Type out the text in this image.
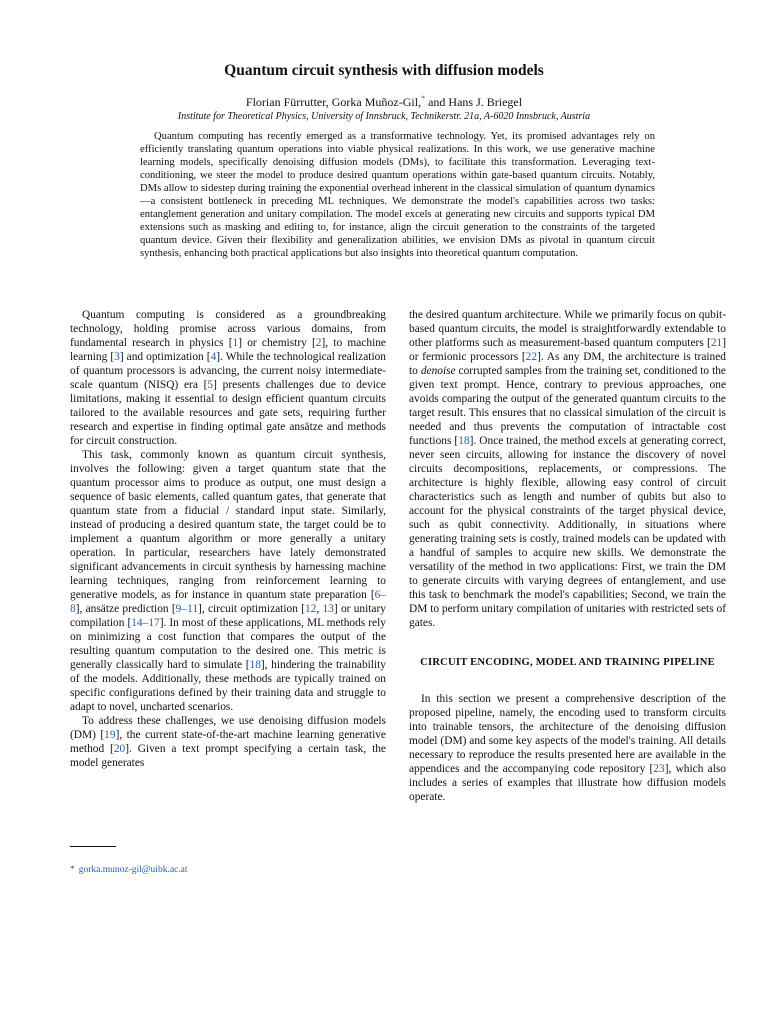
Quantum circuit synthesis with diffusion models

Florian Fürrutter, Gorka Muñoz-Gil,* and Hans J. Briegel

Institute for Theoretical Physics, University of Innsbruck, Technikerstr. 21a, A-6020 Innsbruck, Austria

Quantum computing has recently emerged as a transformative technology. Yet, its promised advantages rely on efficiently translating quantum operations into viable physical realizations. In this work, we use generative machine learning models, specifically denoising diffusion models (DMs), to facilitate this transformation. Leveraging text-conditioning, we steer the model to produce desired quantum operations within gate-based quantum circuits. Notably, DMs allow to sidestep during training the exponential overhead inherent in the classical simulation of quantum dynamics—a consistent bottleneck in preceding ML techniques. We demonstrate the model's capabilities across two tasks: entanglement generation and unitary compilation. The model excels at generating new circuits and supports typical DM extensions such as masking and editing to, for instance, align the circuit generation to the constraints of the targeted quantum device. Given their flexibility and generalization abilities, we envision DMs as pivotal in quantum circuit synthesis, enhancing both practical applications but also insights into theoretical quantum computation.

Quantum computing is considered as a groundbreaking technology, holding promise across various domains, from fundamental research in physics [1] or chemistry [2], to machine learning [3] and optimization [4]. While the technological realization of quantum processors is advancing, the current noisy intermediate-scale quantum (NISQ) era [5] presents challenges due to device limitations, making it essential to design efficient quantum circuits tailored to the available resources and gate sets, requiring further research and expertise in finding optimal gate ansätze and methods for circuit construction.

This task, commonly known as quantum circuit synthesis, involves the following: given a target quantum state that the quantum processor aims to produce as output, one must design a sequence of basic elements, called quantum gates, that generate that quantum state from a fiducial / standard input state. Similarly, instead of producing a desired quantum state, the target could be to implement a quantum algorithm or more generally a unitary operation. In particular, researchers have lately demonstrated significant advancements in circuit synthesis by harnessing machine learning techniques, ranging from reinforcement learning to generative models, as for instance in quantum state preparation [6–8], ansätze prediction [9–11], circuit optimization [12, 13] or unitary compilation [14–17]. In most of these applications, ML methods rely on minimizing a cost function that compares the output of the resulting quantum computation to the desired one. This metric is generally classically hard to simulate [18], hindering the trainability of the models. Additionally, these methods are typically trained on specific configurations defined by their training data and struggle to adapt to novel, uncharted scenarios.

To address these challenges, we use denoising diffusion models (DM) [19], the current state-of-the-art machine learning generative method [20]. Given a text prompt specifying a certain task, the model generates

the desired quantum architecture. While we primarily focus on qubit-based quantum circuits, the model is straightforwardly extendable to other platforms such as measurement-based quantum computers [21] or fermionic processors [22]. As any DM, the architecture is trained to denoise corrupted samples from the training set, conditioned to the given text prompt. Hence, contrary to previous approaches, one avoids comparing the output of the generated quantum circuits to the target result. This ensures that no classical simulation of the circuit is needed and thus prevents the computation of intractable cost functions [18]. Once trained, the method excels at generating correct, never seen circuits, allowing for instance the discovery of novel circuits decompositions, replacements, or compressions. The architecture is highly flexible, allowing easy control of circuit characteristics such as length and number of qubits but also to account for the physical constraints of the target physical device, such as qubit connectivity. Additionally, in situations where generating training sets is costly, trained models can be updated with a handful of samples to acquire new skills. We demonstrate the versatility of the method in two applications: First, we train the DM to generate circuits with varying degrees of entanglement, and use this task to benchmark the model's capabilities; Second, we train the DM to perform unitary compilation of unitaries with restricted sets of gates.

CIRCUIT ENCODING, MODEL AND TRAINING PIPELINE

In this section we present a comprehensive description of the proposed pipeline, namely, the encoding used to transform circuits into trainable tensors, the architecture of the denoising diffusion model (DM) and some key aspects of the model's training. All details necessary to reproduce the results presented here are available in the appendices and the accompanying code repository [23], which also includes a series of examples that illustrate how diffusion models operate.

* gorka.munoz-gil@uibk.ac.at
